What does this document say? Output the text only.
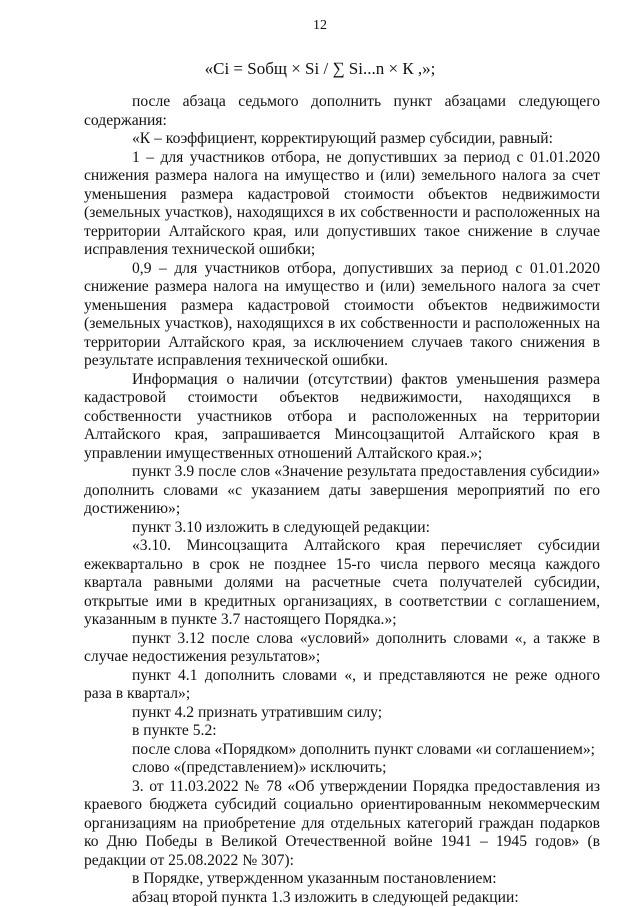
12
«Ci = Sобщ × Si / ∑ Si...n × К ,»;

после абзаца седьмого дополнить пункт абзацами следующего содержания:

«К – коэффициент, корректирующий размер субсидии, равный:

1 – для участников отбора, не допустивших за период с 01.01.2020 снижения размера налога на имущество и (или) земельного налога за счет уменьшения размера кадастровой стоимости объектов недвижимости (земельных участков), находящихся в их собственности и расположенных на территории Алтайского края, или допустивших такое снижение в случае исправления технической ошибки;

0,9 – для участников отбора, допустивших за период с 01.01.2020 снижение размера налога на имущество и (или) земельного налога за счет уменьшения размера кадастровой стоимости объектов недвижимости (земельных участков), находящихся в их собственности и расположенных на территории Алтайского края, за исключением случаев такого снижения в результате исправления технической ошибки.

Информация о наличии (отсутствии) фактов уменьшения размера кадастровой стоимости объектов недвижимости, находящихся в собственности участников отбора и расположенных на территории Алтайского края, запрашивается Минсоцзащитой Алтайского края в управлении имущественных отношений Алтайского края.»;

пункт 3.9 после слов «Значение результата предоставления субсидии» дополнить словами «с указанием даты завершения мероприятий по его достижению»;

пункт 3.10 изложить в следующей редакции:

«3.10. Минсоцзащита Алтайского края перечисляет субсидии ежеквартально в срок не позднее 15-го числа первого месяца каждого квартала равными долями на расчетные счета получателей субсидии, открытые ими в кредитных организациях, в соответствии с соглашением, указанным в пункте 3.7 настоящего Порядка.»;

пункт 3.12 после слова «условий» дополнить словами «, а также в случае недостижения результатов»;

пункт 4.1 дополнить словами «, и представляются не реже одного раза в квартал»;

пункт 4.2 признать утратившим силу;

в пункте 5.2:

после слова «Порядком» дополнить пункт словами «и соглашением»;

слово «(представлением)» исключить;

3. от 11.03.2022 № 78 «Об утверждении Порядка предоставления из краевого бюджета субсидий социально ориентированным некоммерческим организациям на приобретение для отдельных категорий граждан подарков ко Дню Победы в Великой Отечественной войне 1941 – 1945 годов» (в редакции от 25.08.2022 № 307):

в Порядке, утвержденном указанным постановлением:

абзац второй пункта 1.3 изложить в следующей редакции:
